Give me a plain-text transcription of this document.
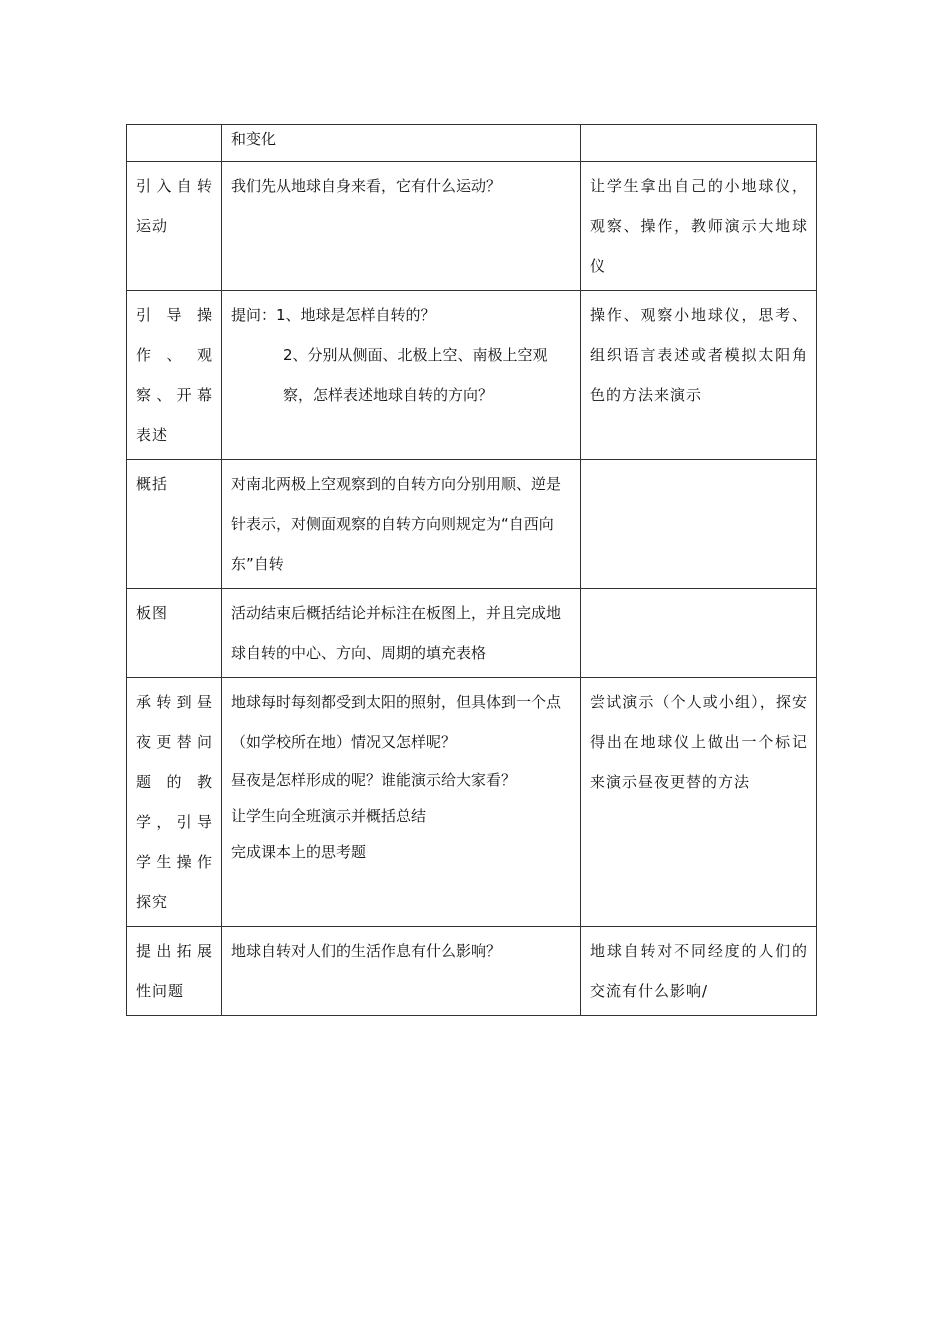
	和变化	

引入自转运动	我们先从地球自身来看，它有什么运动？	让学生拿出自己的小地球仪，观察、操作，教师演示大地球仪
引导操作、观察、开幕表述	提问：1、地球是怎样自转的？
2、分别从侧面、北极上空、南极上空观察，怎样表述地球自转的方向？	操作、观察小地球仪，思考、组织语言表述或者模拟太阳角色的方法来演示
概括	对南北两极上空观察到的自转方向分别用顺、逆是针表示，对侧面观察的自转方向则规定为“自西向东”自转	

板图	活动结束后概括结论并标注在板图上，并且完成地球自转的中心、方向、周期的填充表格	

承转到昼夜更替问题的教学，引导学生操作探究	地球每时每刻都受到太阳的照射，但具体到一个点（如学校所在地）情况又怎样呢？
昼夜是怎样形成的呢？谁能演示给大家看？
让学生向全班演示并概括总结
完成课本上的思考题	尝试演示（个人或小组），探安得出在地球仪上做出一个标记来演示昼夜更替的方法
提出拓展性问题	地球自转对人们的生活作息有什么影响？	地球自转对不同经度的人们的交流有什么影响/
